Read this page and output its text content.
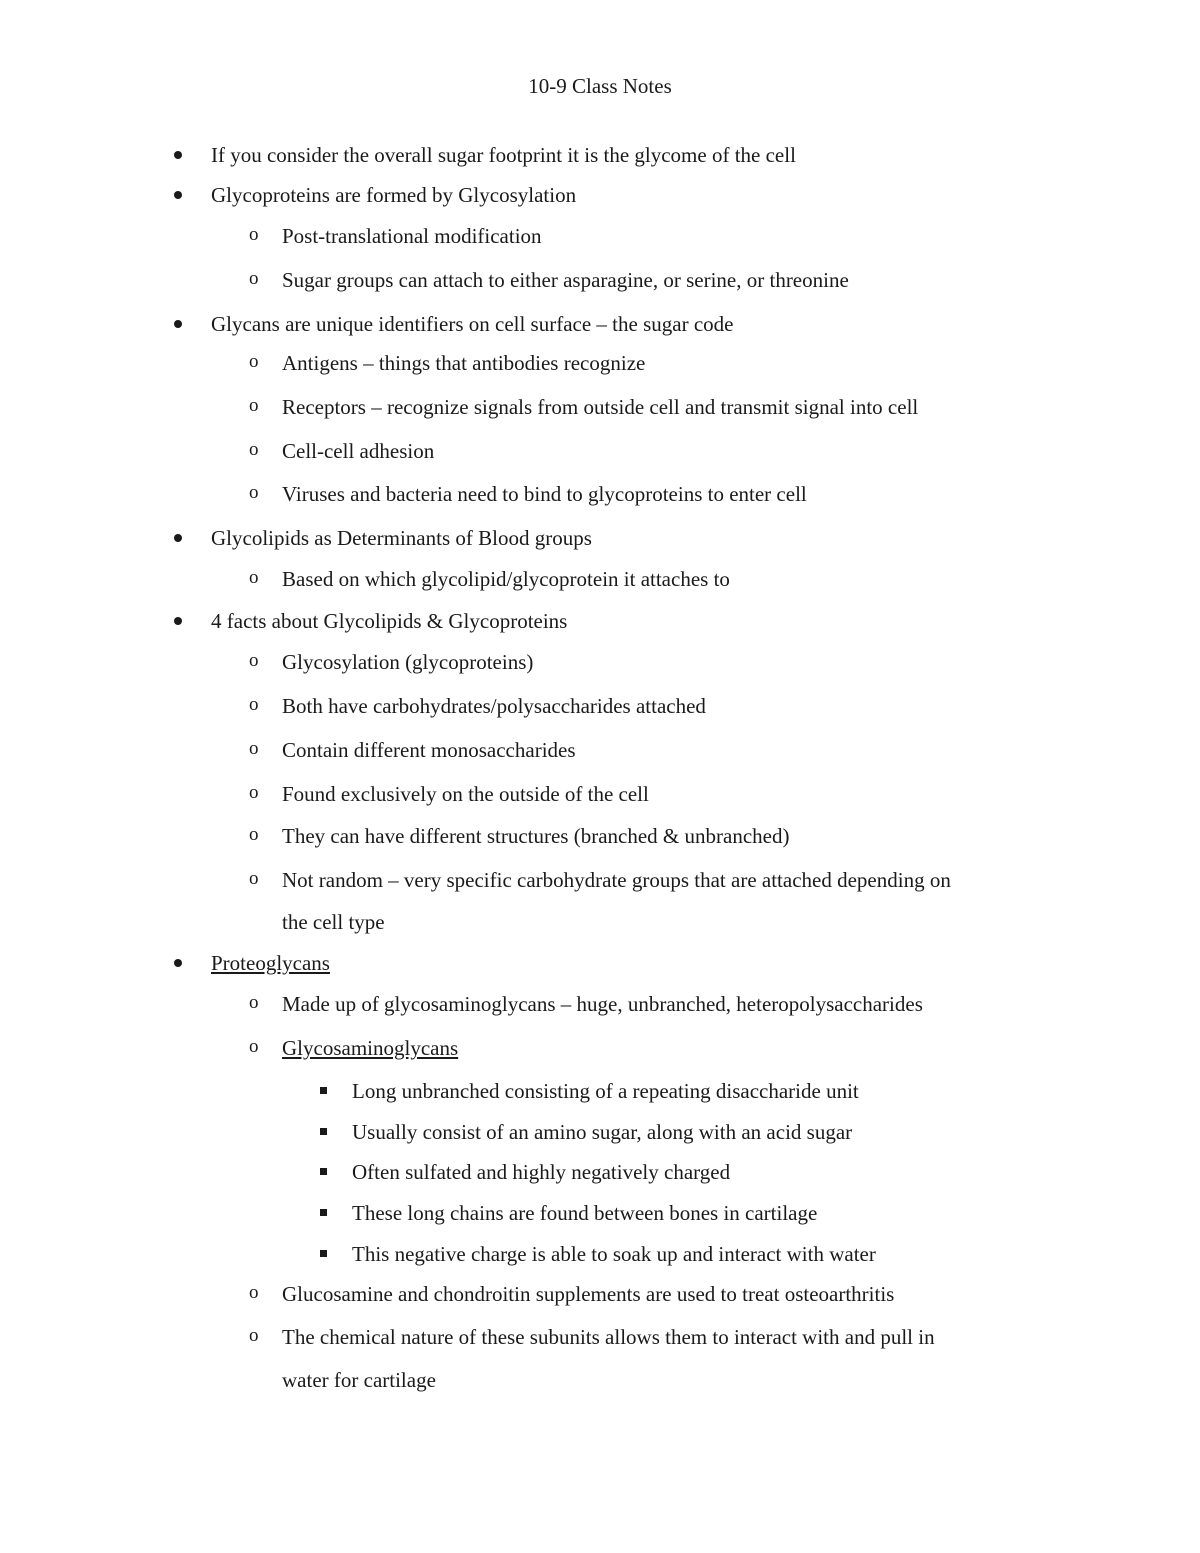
10-9 Class Notes
If you consider the overall sugar footprint it is the glycome of the cell
Glycoproteins are formed by Glycosylation
o Post-translational modification
o Sugar groups can attach to either asparagine, or serine, or threonine
Glycans are unique identifiers on cell surface – the sugar code
o Antigens – things that antibodies recognize
o Receptors – recognize signals from outside cell and transmit signal into cell
o Cell-cell adhesion
o Viruses and bacteria need to bind to glycoproteins to enter cell
Glycolipids as Determinants of Blood groups
o Based on which glycolipid/glycoprotein it attaches to
4 facts about Glycolipids & Glycoproteins
o Glycosylation (glycoproteins)
o Both have carbohydrates/polysaccharides attached
o Contain different monosaccharides
o Found exclusively on the outside of the cell
o They can have different structures (branched & unbranched)
o Not random – very specific carbohydrate groups that are attached depending on
the cell type
Proteoglycans
o Made up of glycosaminoglycans – huge, unbranched, heteropolysaccharides
o Glycosaminoglycans
Long unbranched consisting of a repeating disaccharide unit
Usually consist of an amino sugar, along with an acid sugar
Often sulfated and highly negatively charged
These long chains are found between bones in cartilage
This negative charge is able to soak up and interact with water
o Glucosamine and chondroitin supplements are used to treat osteoarthritis
o The chemical nature of these subunits allows them to interact with and pull in
water for cartilage
